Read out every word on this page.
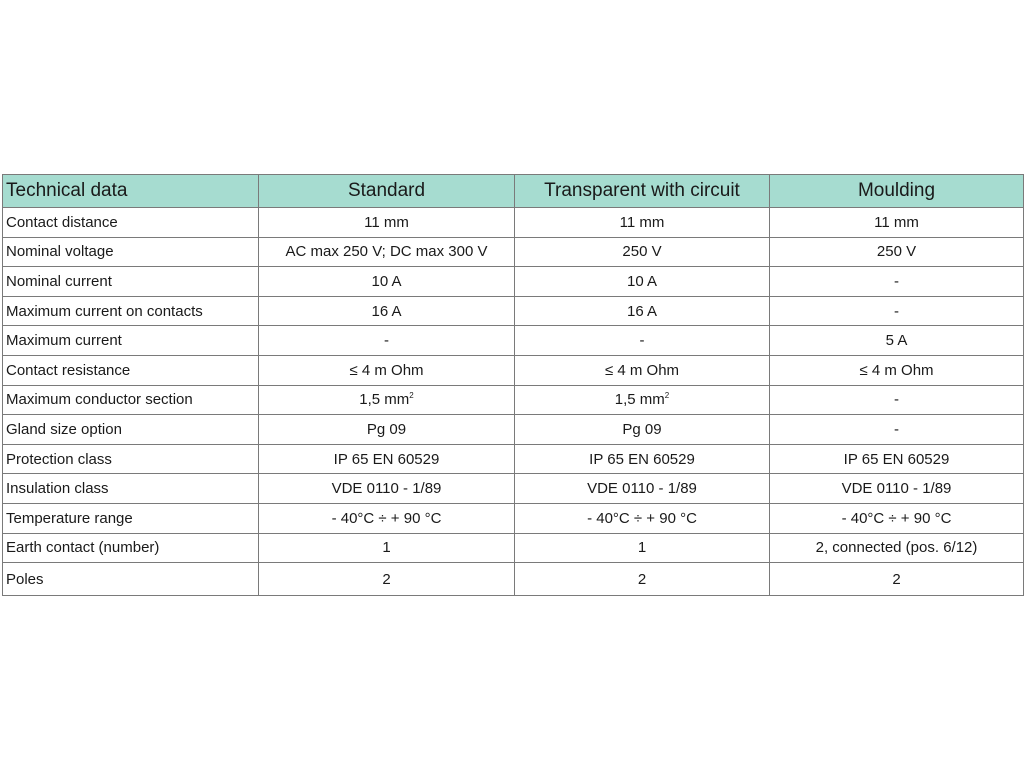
Technical data	Standard	Transparent with circuit	Moulding
Contact distance	11 mm	11 mm	11 mm
Nominal voltage	AC max 250 V; DC max 300 V	250 V	250 V
Nominal current	10 A	10 A	-
Maximum current on contacts	16 A	16 A	-
Maximum current	-	-	5 A
Contact resistance	≤ 4 m Ohm	≤ 4 m Ohm	≤ 4 m Ohm
Maximum conductor section	1,5 $mm^2$	1,5 $mm^2$	-
Gland size option	Pg 09	Pg 09	-
Protection class	IP 65 EN 60529	IP 65 EN 60529	IP 65 EN 60529
Insulation class	VDE 0110 - 1/89	VDE 0110 - 1/89	VDE 0110 - 1/89
Temperature range	- 40°C ÷ + 90 °C	- 40°C ÷ + 90 °C	- 40°C ÷ + 90 °C
Earth contact (number)	1	1	2, connected (pos. 6/12)
Poles	2	2	2
